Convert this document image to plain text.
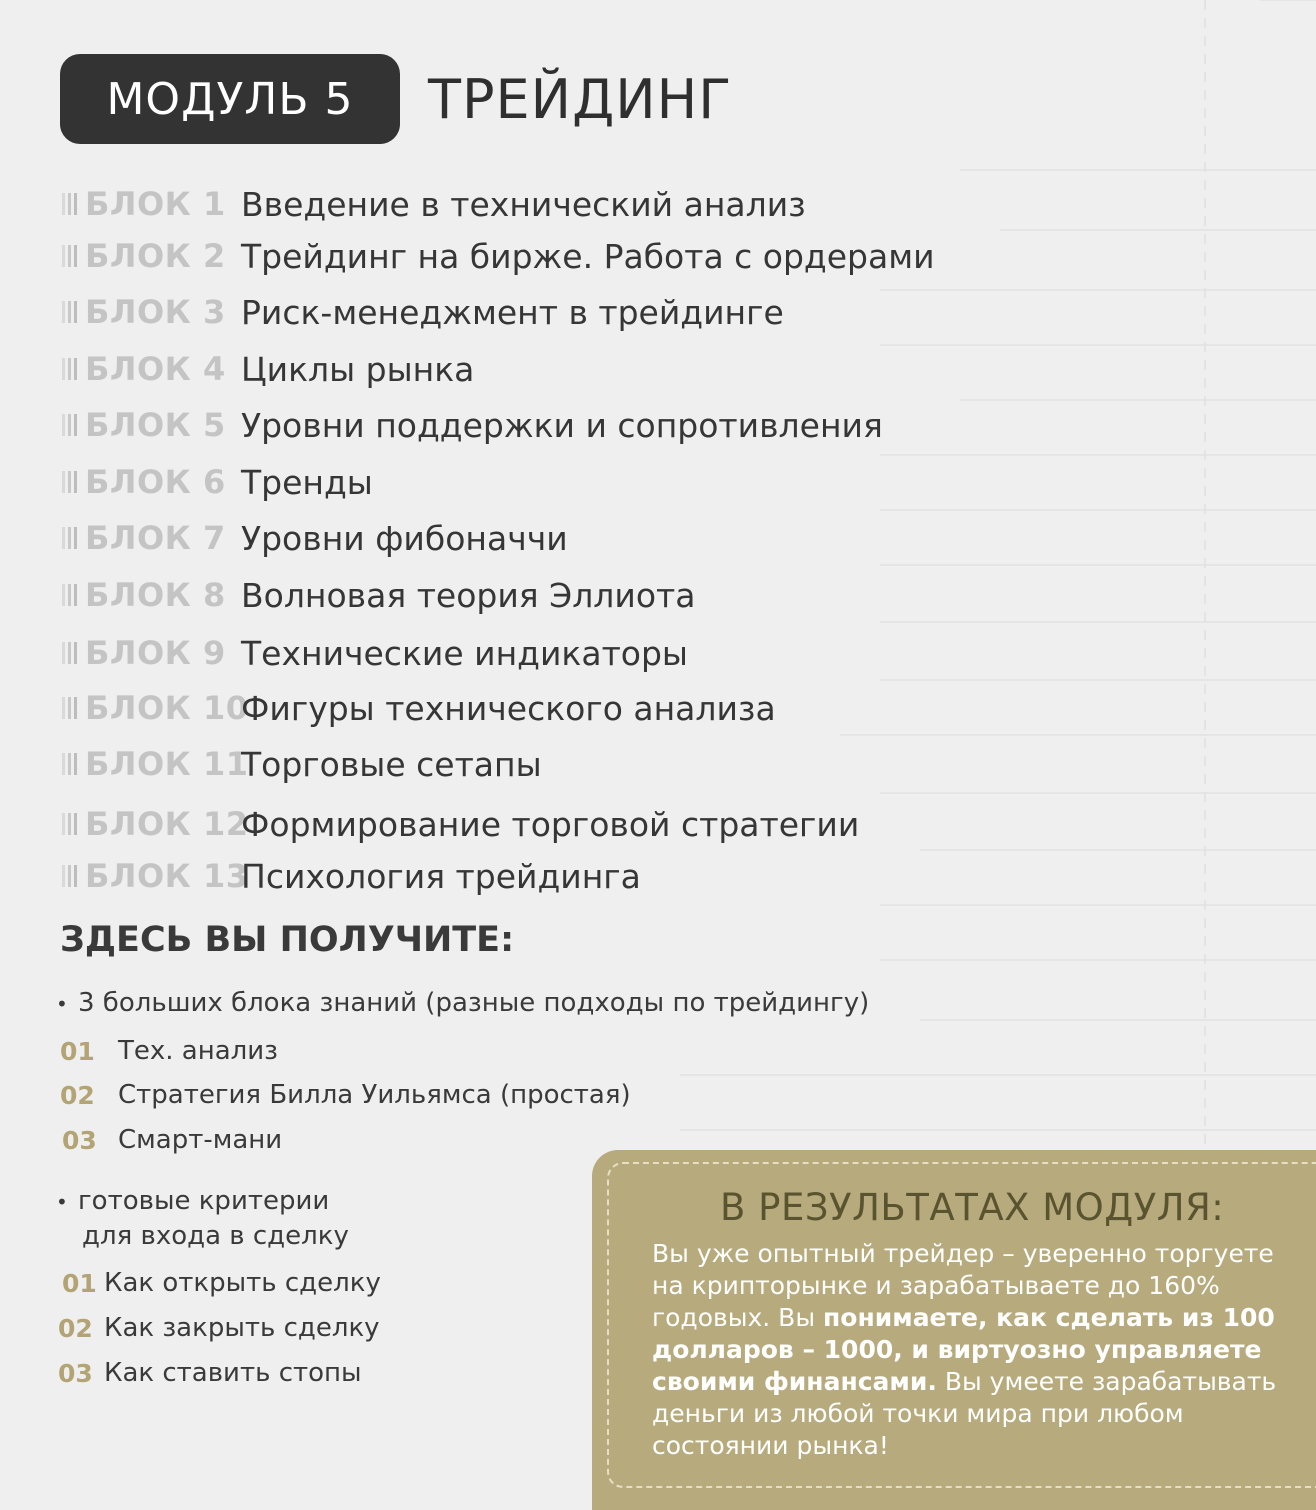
МОДУЛЬ 5	ТРЕЙДИНГ
БЛОК 1 Введение в технический анализ
БЛОК 2 Трейдинг на бирже. Работа с ордерами
БЛОК 3 Риск-менеджмент в трейдинге
БЛОК 4 Циклы рынка
БЛОК 5 Уровни поддержки и сопротивления
БЛОК 6 Тренды
БЛОК 7 Уровни фибоначчи
БЛОК 8 Волновая теория Эллиота
БЛОК 9 Технические индикаторы
БЛОК 10
Фигуры технического анализа
БЛОК 11
Торговые сетапы
БЛОК 12
Формирование торговой стратегии
БЛОК 13
Психология трейдинга
ЗДЕСЬ ВЫ ПОЛУЧИТЕ:
• 3 больших блока знаний (разные подходы по трейдингу)
01 Тех. анализ
02 Стратегия Билла Уильямса (простая)
03 Смарт-мани
• готовые критерии
для входа в сделку
01 Как открыть сделку
02 Как закрыть сделку
03 Как ставить стопы
В РЕЗУЛЬТАТАХ МОДУЛЯ:
Вы уже опытный трейдер – уверенно торгуете на крипторынке и зарабатываете до 160% годовых. Вы понимаете, как сделать из 100 долларов – 1000, и виртуозно управляете своими финансами. Вы умеете зарабатывать деньги из любой точки мира при любом состоянии рынка!
